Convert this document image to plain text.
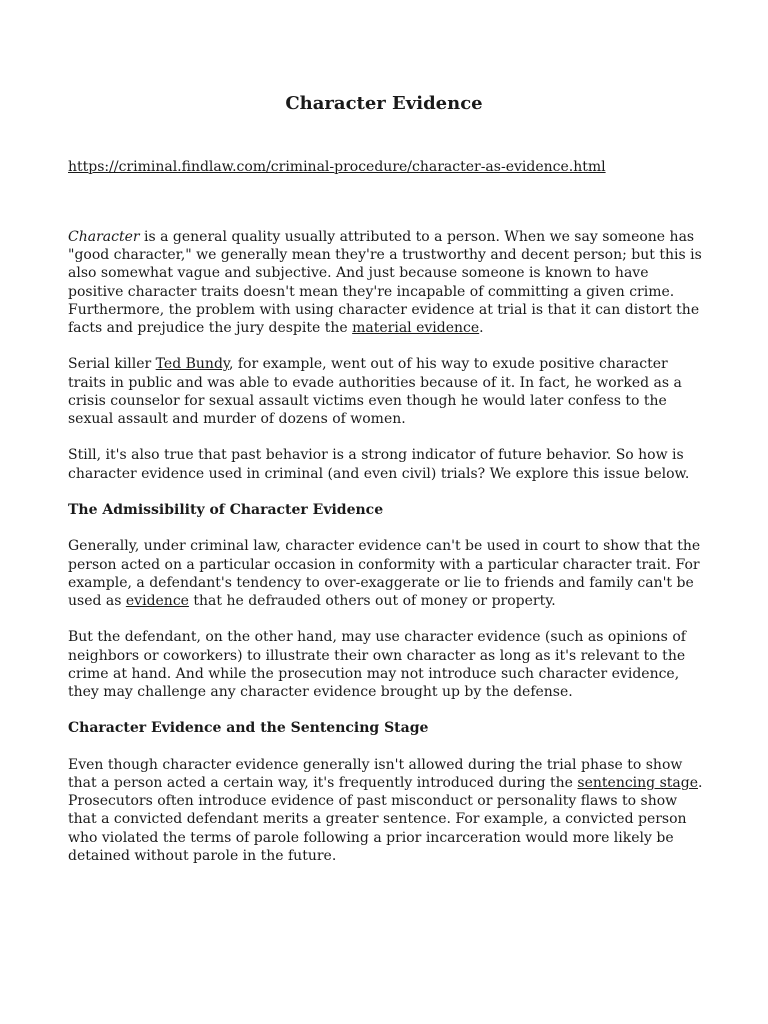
Character Evidence
https://criminal.findlaw.com/criminal-procedure/character-as-evidence.html

Character is a general quality usually attributed to a person. When we say someone has "good character," we generally mean they're a trustworthy and decent person; but this is also somewhat vague and subjective. And just because someone is known to have positive character traits doesn't mean they're incapable of committing a given crime. Furthermore, the problem with using character evidence at trial is that it can distort the facts and prejudice the jury despite the material evidence.

Serial killer Ted Bundy, for example, went out of his way to exude positive character traits in public and was able to evade authorities because of it. In fact, he worked as a crisis counselor for sexual assault victims even though he would later confess to the sexual assault and murder of dozens of women.

Still, it's also true that past behavior is a strong indicator of future behavior. So how is character evidence used in criminal (and even civil) trials? We explore this issue below.

The Admissibility of Character Evidence

Generally, under criminal law, character evidence can't be used in court to show that the person acted on a particular occasion in conformity with a particular character trait. For example, a defendant's tendency to over-exaggerate or lie to friends and family can't be used as evidence that he defrauded others out of money or property.

But the defendant, on the other hand, may use character evidence (such as opinions of neighbors or coworkers) to illustrate their own character as long as it's relevant to the crime at hand. And while the prosecution may not introduce such character evidence, they may challenge any character evidence brought up by the defense.

Character Evidence and the Sentencing Stage

Even though character evidence generally isn't allowed during the trial phase to show that a person acted a certain way, it's frequently introduced during the sentencing stage. Prosecutors often introduce evidence of past misconduct or personality flaws to show that a convicted defendant merits a greater sentence. For example, a convicted person who violated the terms of parole following a prior incarceration would more likely be detained without parole in the future.
